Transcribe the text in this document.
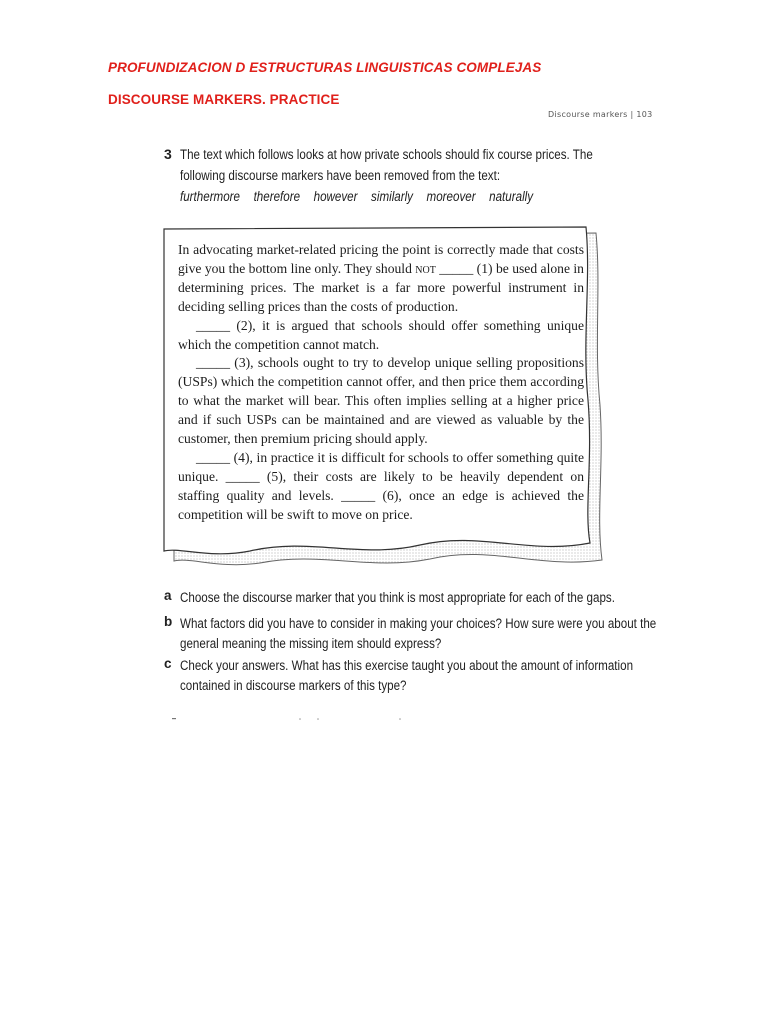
PROFUNDIZACION D ESTRUCTURAS LINGUISTICAS COMPLEJAS
DISCOURSE MARKERS. PRACTICE
Discourse markers | 103
3 The text which follows looks at how private schools should fix course prices. The following discourse markers have been removed from the text:
furthermore therefore however similarly moreover naturally

In advocating market-related pricing the point is correctly made that costs give you the bottom line only. They should not _____ (1) be used alone in determining prices. The market is a far more powerful instrument in deciding selling prices than the costs of production.

_____ (2), it is argued that schools should offer something unique which the competition cannot match.

_____ (3), schools ought to try to develop unique selling propositions (USPs) which the competition cannot offer, and then price them according to what the market will bear. This often implies selling at a higher price and if such USPs can be maintained and are viewed as valuable by the customer, then premium pricing should apply.

_____ (4), in practice it is difficult for schools to offer something quite unique. _____ (5), their costs are likely to be heavily dependent on staffing quality and levels. _____ (6), once an edge is achieved the competition will be swift to move on price.

a Choose the discourse marker that you think is most appropriate for each of the gaps.
b What factors did you have to consider in making your choices? How sure were you about the general meaning the missing item should express?
c Check your answers. What has this exercise taught you about the amount of information contained in discourse markers of this type?
